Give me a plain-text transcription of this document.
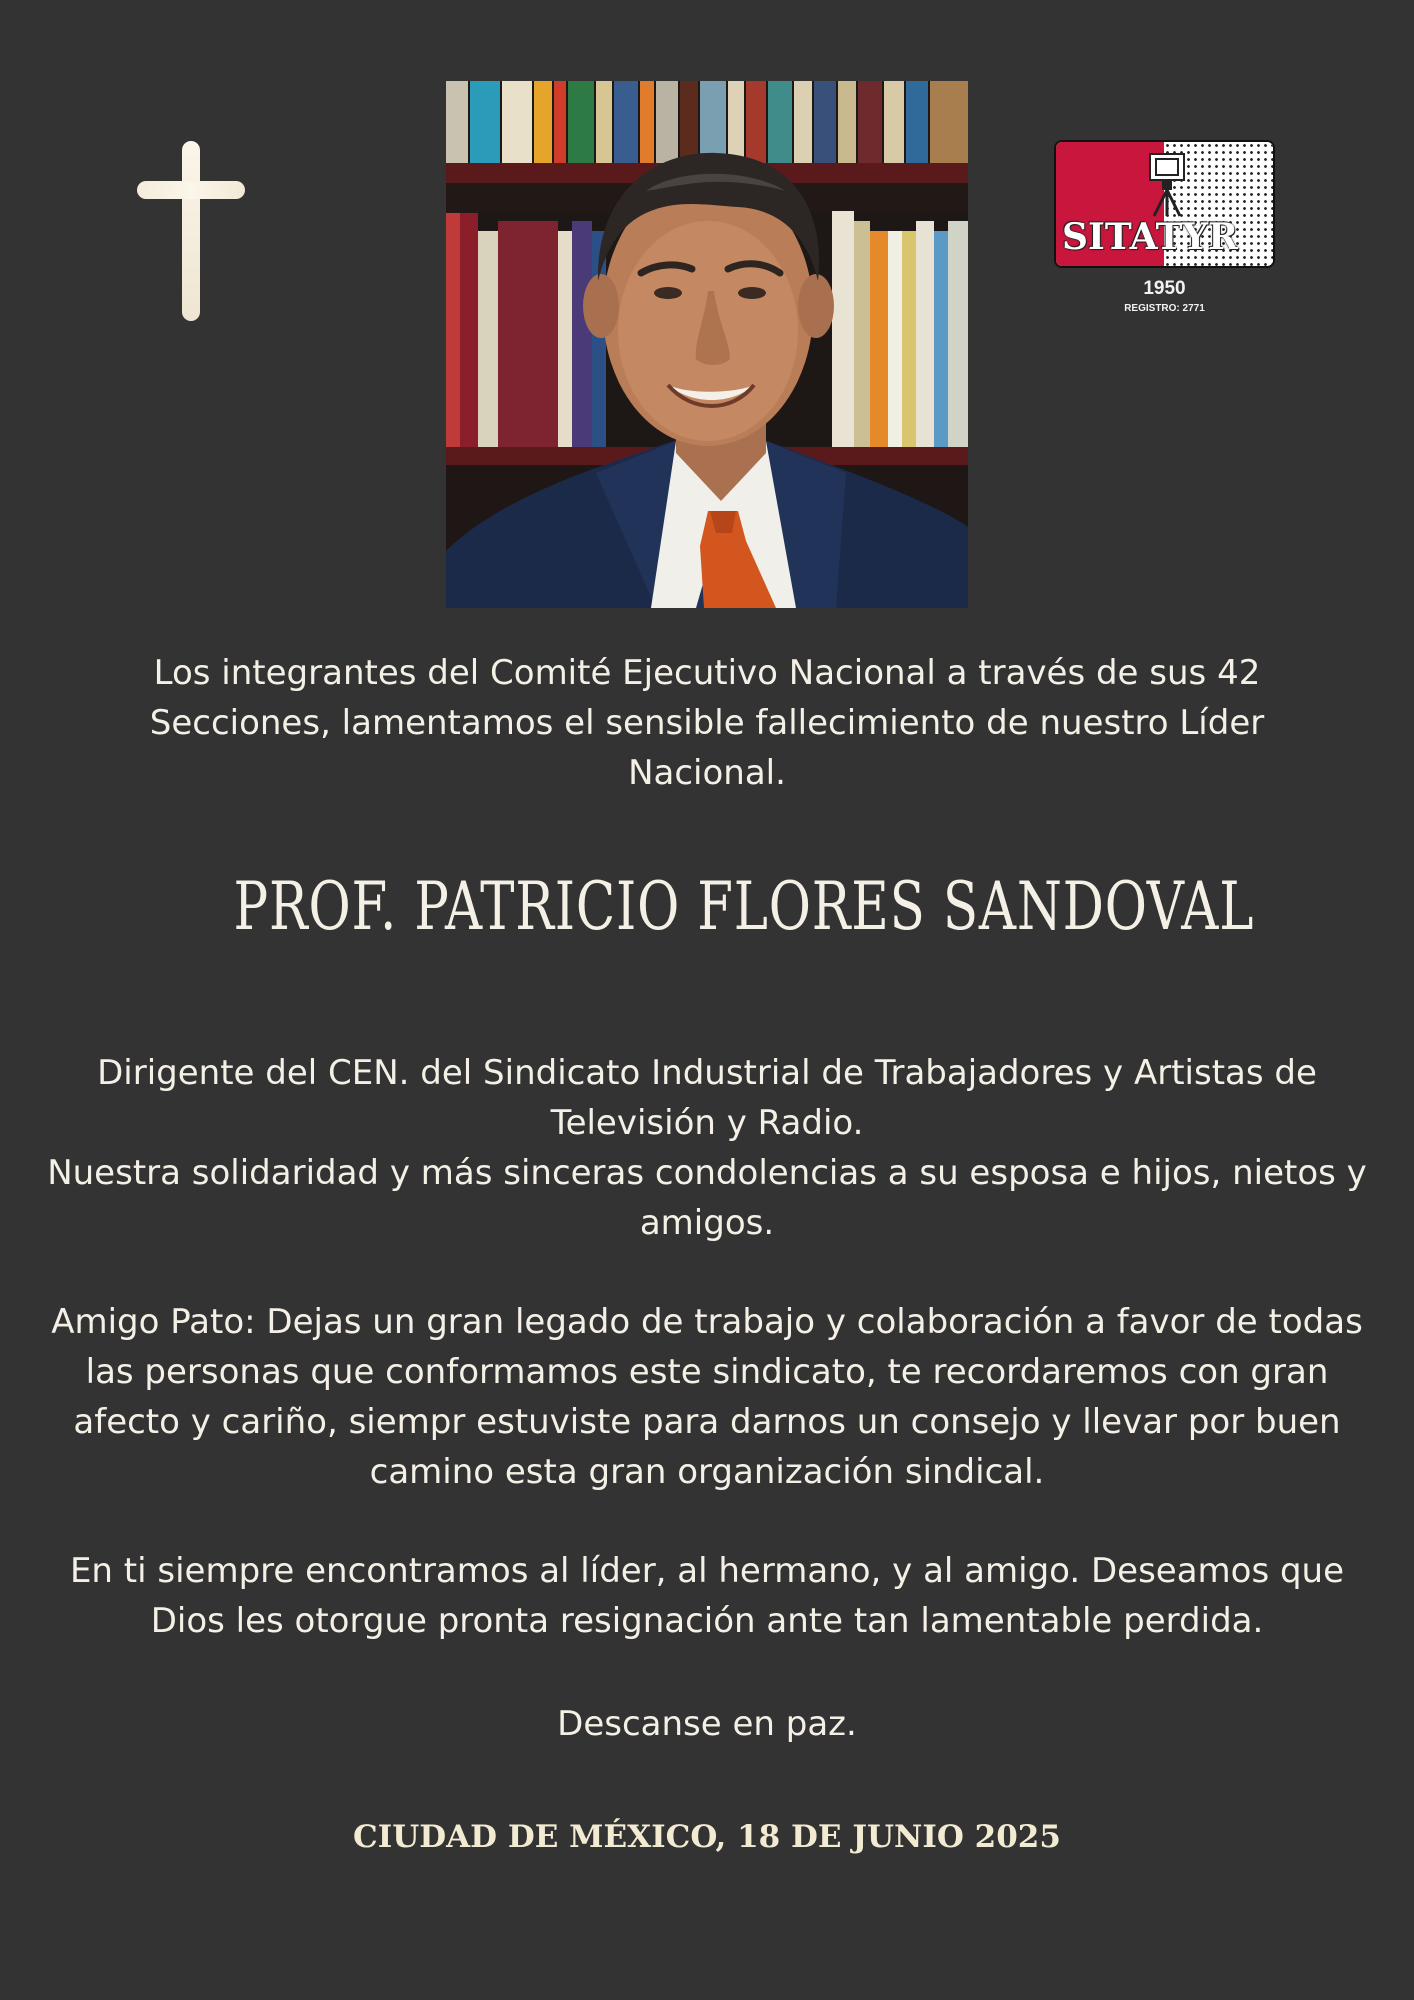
SITATYR
1950
REGISTRO: 2771
Los integrantes del Comité Ejecutivo Nacional a través de sus 42 Secciones, lamentamos el sensible fallecimiento de nuestro Líder Nacional.
PROF. PATRICIO FLORES SANDOVAL
Dirigente del CEN. del Sindicato Industrial de Trabajadores y Artistas de Televisión y Radio.
Nuestra solidaridad y más sinceras condolencias a su esposa e hijos, nietos y amigos.
Amigo Pato: Dejas un gran legado de trabajo y colaboración a favor de todas las personas que conformamos este sindicato, te recordaremos con gran afecto y cariño, siempr estuviste para darnos un consejo y llevar por buen camino esta gran organización sindical.
En ti siempre encontramos al líder, al hermano, y al amigo. Deseamos que Dios les otorgue pronta resignación ante tan lamentable perdida.
Descanse en paz.
CIUDAD DE MÉXICO, 18 DE JUNIO 2025
